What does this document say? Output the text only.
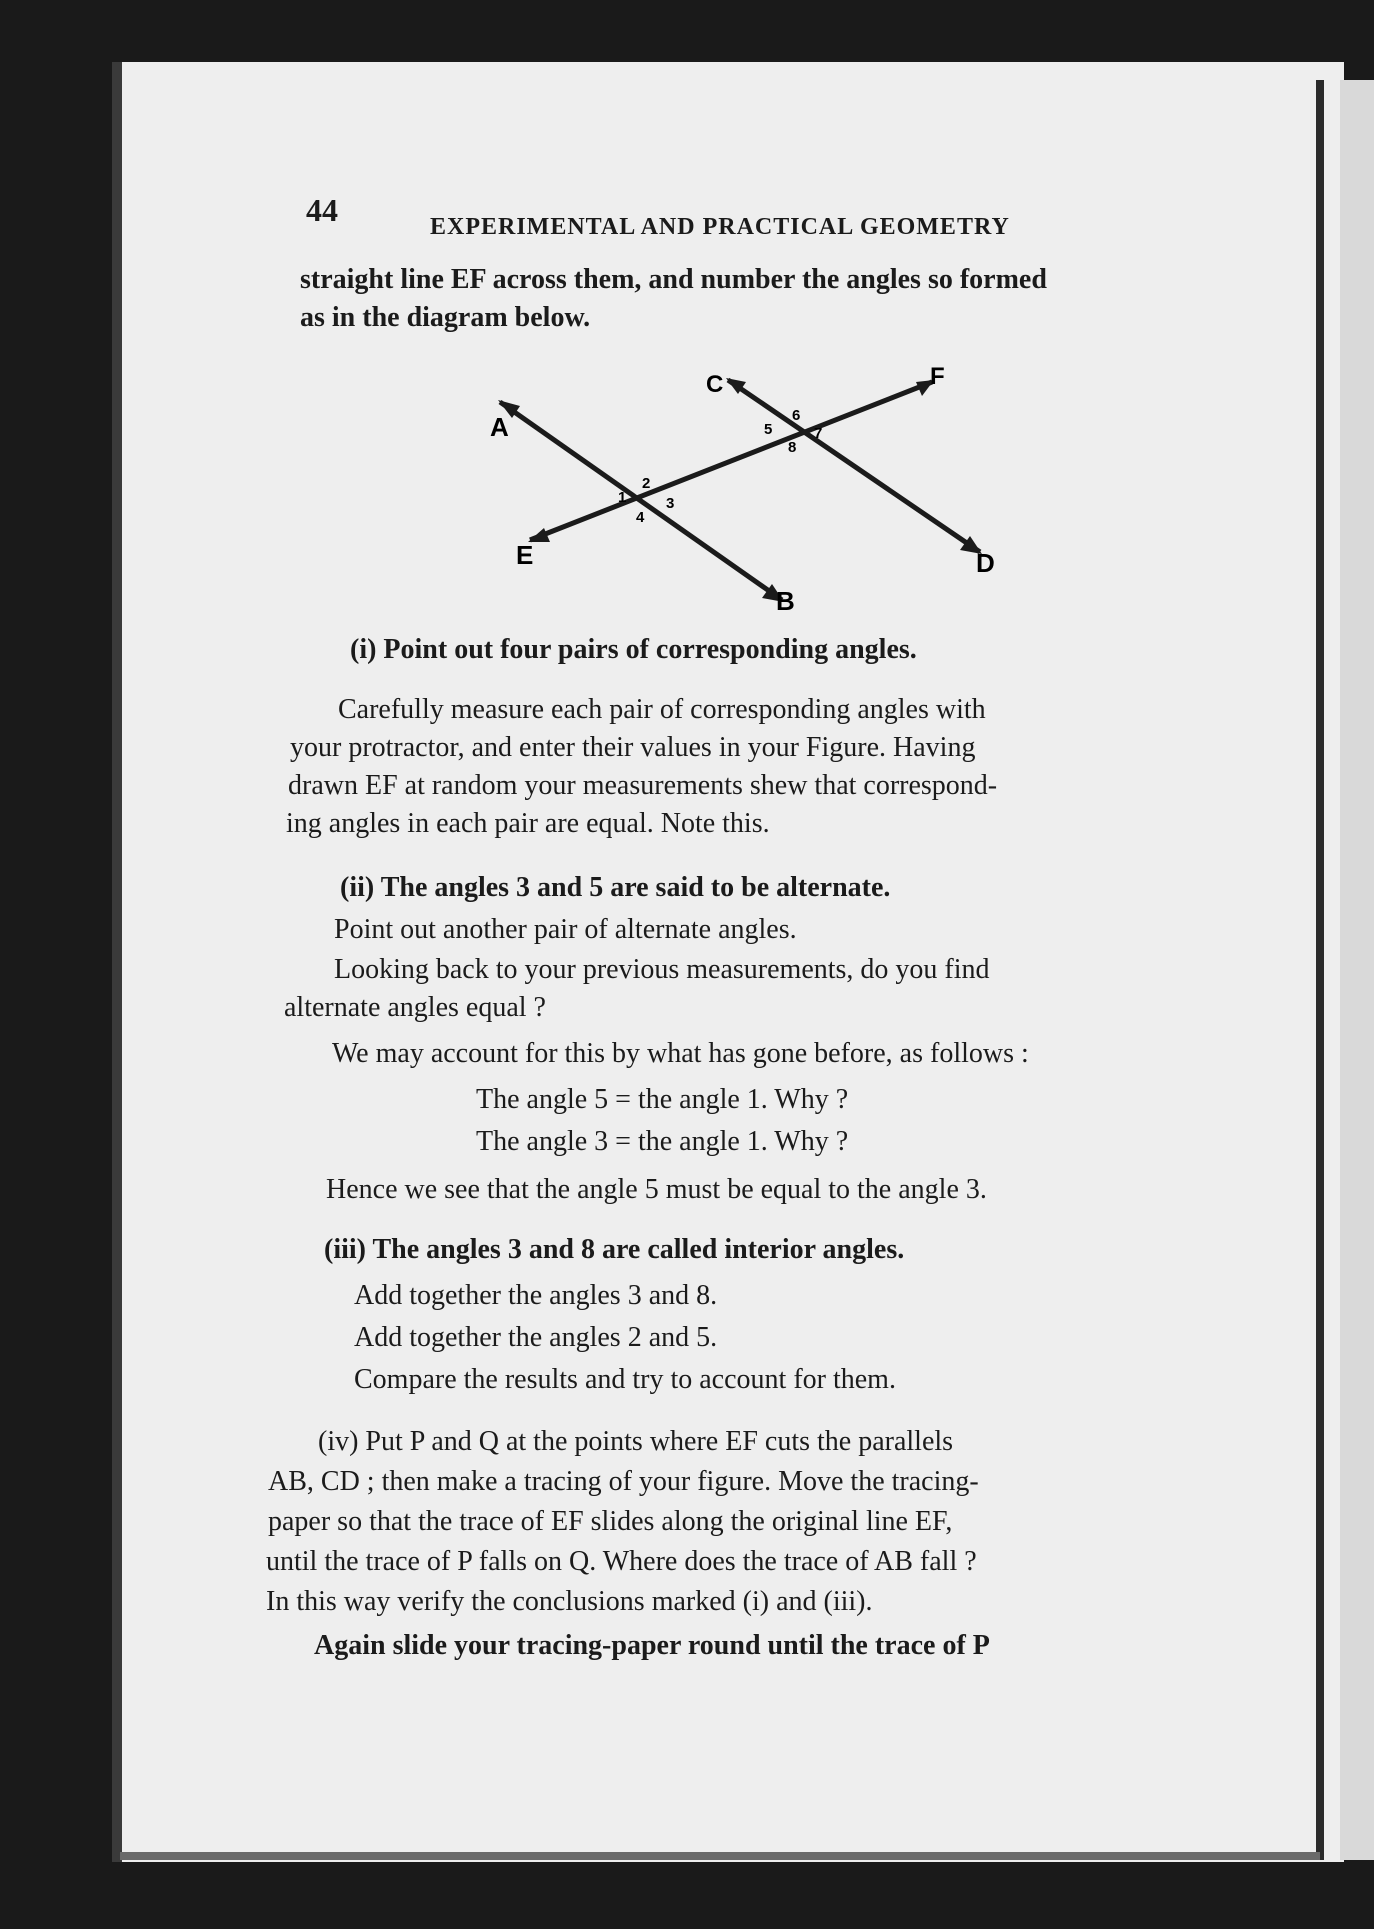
44	EXPERIMENTAL AND PRACTICAL GEOMETRY

straight line EF across them, and number the angles so formed

as in the diagram below.

A
B
C
D
E
F
1
2
3
4
5
6
7
8

(i) Point out four pairs of corresponding angles.

Carefully measure each pair of corresponding angles with

your protractor, and enter their values in your Figure. Having

drawn EF at random your measurements shew that correspond-

ing angles in each pair are equal. Note this.

(ii) The angles 3 and 5 are said to be alternate.

Point out another pair of alternate angles.

Looking back to your previous measurements, do you find

alternate angles equal ?

We may account for this by what has gone before, as follows :

The angle 5 = the angle 1. Why ?

The angle 3 = the angle 1. Why ?

Hence we see that the angle 5 must be equal to the angle 3.

(iii) The angles 3 and 8 are called interior angles.

Add together the angles 3 and 8.

Add together the angles 2 and 5.

Compare the results and try to account for them.

(iv) Put P and Q at the points where EF cuts the parallels

AB, CD ; then make a tracing of your figure. Move the tracing-

paper so that the trace of EF slides along the original line EF,

until the trace of P falls on Q. Where does the trace of AB fall ?

In this way verify the conclusions marked (i) and (iii).

Again slide your tracing-paper round until the trace of P
